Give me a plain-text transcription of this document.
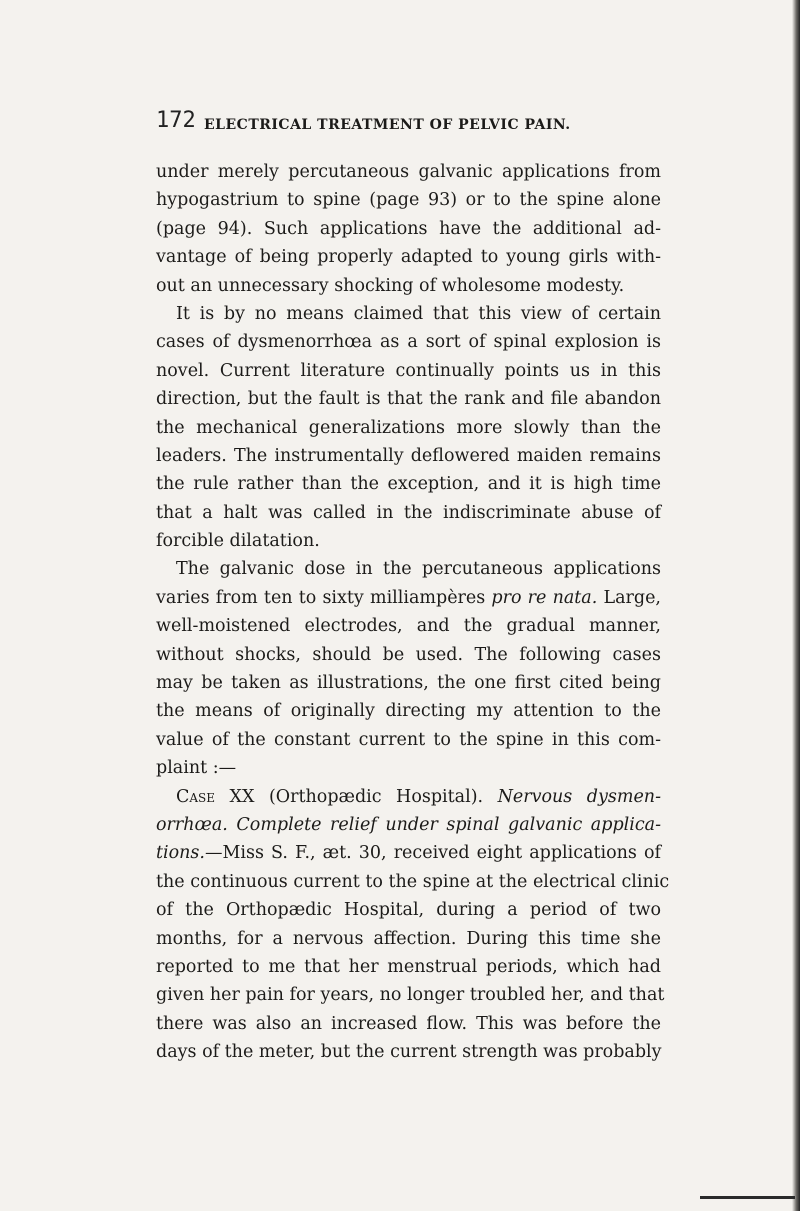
172 ELECTRICAL TREATMENT OF PELVIC PAIN.
under merely percutaneous galvanic applications from
hypogastrium to spine (page 93) or to the spine alone
(page 94). Such applications have the additional ad-
vantage of being properly adapted to young girls with-
out an unnecessary shocking of wholesome modesty.
It is by no means claimed that this view of certain
cases of dysmenorrhœa as a sort of spinal explosion is
novel. Current literature continually points us in this
direction, but the fault is that the rank and file abandon
the mechanical generalizations more slowly than the
leaders. The instrumentally deflowered maiden remains
the rule rather than the exception, and it is high time
that a halt was called in the indiscriminate abuse of
forcible dilatation.
The galvanic dose in the percutaneous applications
varies from ten to sixty milliampères pro re nata. Large,
well-moistened electrodes, and the gradual manner,
without shocks, should be used. The following cases
may be taken as illustrations, the one first cited being
the means of originally directing my attention to the
value of the constant current to the spine in this com-
plaint :—
Case XX (Orthopædic Hospital). Nervous dysmen-
orrhœa. Complete relief under spinal galvanic applica-
tions.—Miss S. F., æt. 30, received eight applications of
the continuous current to the spine at the electrical clinic
of the Orthopædic Hospital, during a period of two
months, for a nervous affection. During this time she
reported to me that her menstrual periods, which had
given her pain for years, no longer troubled her, and that
there was also an increased flow. This was before the
days of the meter, but the current strength was probably
